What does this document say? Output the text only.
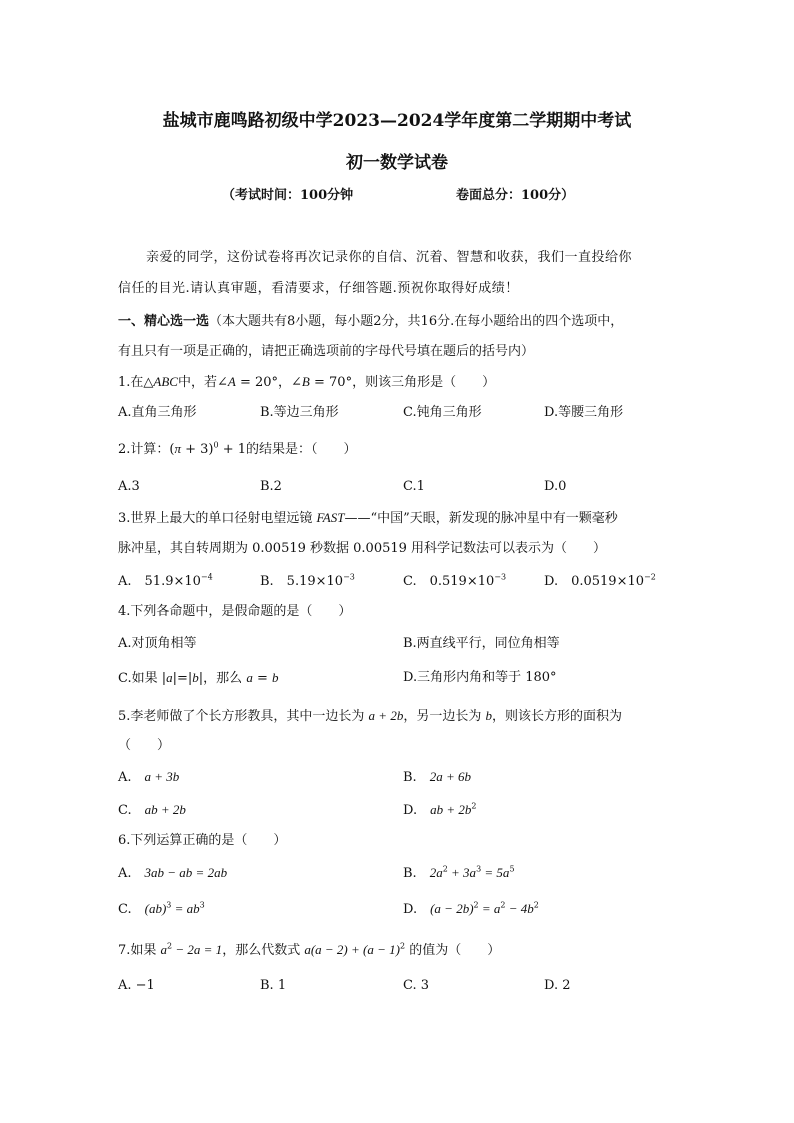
盐城市鹿鸣路初级中学2023—2024学年度第二学期期中考试
初一数学试卷
（考试时间：100分钟	卷面总分：100分）
亲爱的同学，这份试卷将再次记录你的自信、沉着、智慧和收获，我们一直投给你
信任的目光.请认真审题，看清要求，仔细答题.预祝你取得好成绩！
一、精心选一选（本大题共有8小题，每小题2分，共16分.在每小题给出的四个选项中，
有且只有一项是正确的，请把正确选项前的字母代号填在题后的括号内）
1.在△ABC中，若∠A = 20°，∠B = 70°，则该三角形是（　　）
A.直角三角形	B.等边三角形	C.钝角三角形	D.等腰三角形
2.计算：$(\pi + 3)^0 + 1$的结果是：（　　）
A.3	B.2	C.1	D.0
3.世界上最大的单口径射电望远镜 FAST——“中国”天眼，新发现的脉冲星中有一颗毫秒
脉冲星，其自转周期为 0.00519 秒数据 0.00519 用科学记数法可以表示为（　　）
A.　$51.9\times 10^{-4}$	B.　$5.19\times 10^{-3}$	C.　$0.519\times 10^{-3}$	D.　$0.0519\times 10^{-2}$
4.下列各命题中，是假命题的是（　　）
A.对顶角相等	B.两直线平行，同位角相等
C.如果 |a|=|b|，那么 a = b	D.三角形内角和等于 180°
5.李老师做了个长方形教具，其中一边长为 a + 2b，另一边长为 b，则该长方形的面积为
（　　）
A.　a + 3b	B.　2a + 6b
C.　ab + 2b	D.　ab + $2b^2$
6.下列运算正确的是（　　）
A.　3ab − ab = 2ab	B.　$2a^2 + 3a^3 = 5a^5$
C.　$(ab)^3 = ab^3$	D.　$(a - 2b)^2 = a^2 - 4b^2$
7.如果 $a^2 - 2a = 1$，那么代数式 $a(a - 2) + (a - 1)^2$ 的值为（　　）
A. −1	B. 1	C. 3	D. 2
